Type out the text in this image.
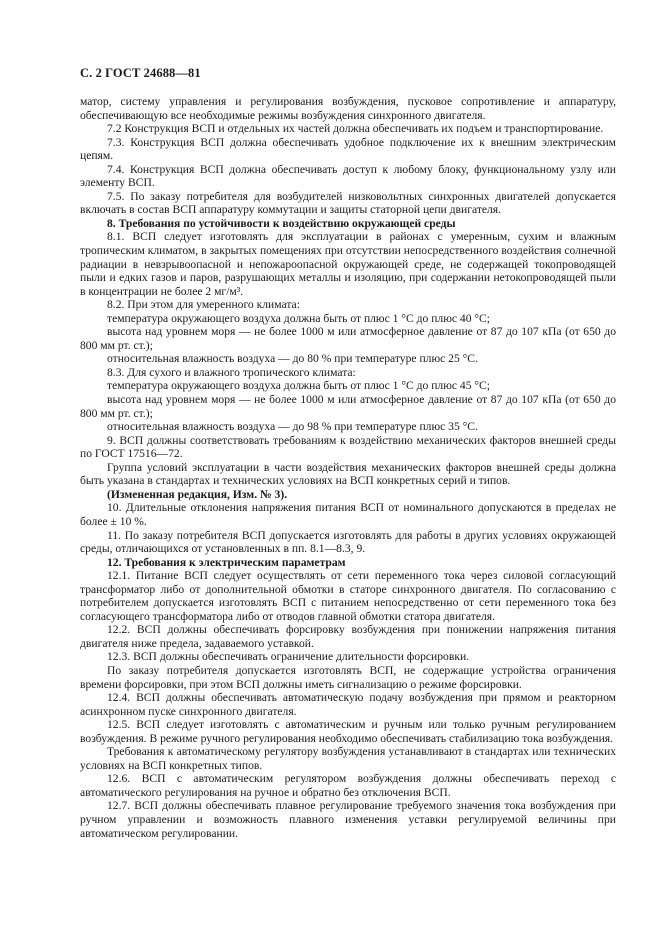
С. 2 ГОСТ 24688—81

матор, систему управления и регулирования возбуждения, пусковое сопротивление и аппаратуру, обеспечивающую все необходимые режимы возбуждения синхронного двигателя.

7.2 Конструкция ВСП и отдельных их частей должна обеспечивать их подъем и транспортирование.

7.3. Конструкция ВСП должна обеспечивать удобное подключение их к внешним электрическим цепям.

7.4. Конструкция ВСП должна обеспечивать доступ к любому блоку, функциональному узлу или элементу ВСП.

7.5. По заказу потребителя для возбудителей низковольтных синхронных двигателей допускается включать в состав ВСП аппаратуру коммутации и защиты статорной цепи двигателя.

8. Требования по устойчивости к воздействию окружающей среды

8.1. ВСП следует изготовлять для эксплуатации в районах с умеренным, сухим и влажным тропическим климатом, в закрытых помещениях при отсутствии непосредственного воздействия солнечной радиации в невзрывоопасной и непожароопасной окружающей среде, не содержащей токопроводящей пыли и едких газов и паров, разрушающих металлы и изоляцию, при содержании нетокопроводящей пыли в концентрации не более 2 мг/м³.

8.2. При этом для умеренного климата:

температура окружающего воздуха должна быть от плюс 1 °С до плюс 40 °С;

высота над уровнем моря — не более 1000 м или атмосферное давление от 87 до 107 кПа (от 650 до 800 мм рт. ст.);

относительная влажность воздуха — до 80 % при температуре плюс 25 °С.

8.3. Для сухого и влажного тропического климата:

температура окружающего воздуха должна быть от плюс 1 °С до плюс 45 °С;

высота над уровнем моря — не более 1000 м или атмосферное давление от 87 до 107 кПа (от 650 до 800 мм рт. ст.);

относительная влажность воздуха — до 98 % при температуре плюс 35 °С.

9. ВСП должны соответствовать требованиям к воздействию механических факторов внешней среды по ГОСТ 17516—72.

Группа условий эксплуатации в части воздействия механических факторов внешней среды должна быть указана в стандартах и технических условиях на ВСП конкретных серий и типов.

(Измененная редакция, Изм. № 3).

10. Длительные отклонения напряжения питания ВСП от номинального допускаются в пределах не более ± 10 %.

11. По заказу потребителя ВСП допускается изготовлять для работы в других условиях окружающей среды, отличающихся от установленных в пп. 8.1—8.3, 9.

12. Требования к электрическим параметрам

12.1. Питание ВСП следует осуществлять от сети переменного тока через силовой согласующий трансформатор либо от дополнительной обмотки в статоре синхронного двигателя. По согласованию с потребителем допускается изготовлять ВСП с питанием непосредственно от сети переменного тока без согласующего трансформатора либо от отводов главной обмотки статора двигателя.

12.2. ВСП должны обеспечивать форсировку возбуждения при понижении напряжения питания двигателя ниже предела, задаваемого уставкой.

12.3. ВСП должны обеспечивать ограничение длительности форсировки.

По заказу потребителя допускается изготовлять ВСП, не содержащие устройства ограничения времени форсировки, при этом ВСП должны иметь сигнализацию о режиме форсировки.

12.4. ВСП должны обеспечивать автоматическую подачу возбуждения при прямом и реакторном асинхронном пуске синхронного двигателя.

12.5. ВСП следует изготовлять с автоматическим и ручным или только ручным регулированием возбуждения. В режиме ручного регулирования необходимо обеспечивать стабилизацию тока возбуждения.

Требования к автоматическому регулятору возбуждения устанавливают в стандартах или технических условиях на ВСП конкретных типов.

12.6. ВСП с автоматическим регулятором возбуждения должны обеспечивать переход с автоматического регулирования на ручное и обратно без отключения ВСП.

12.7. ВСП должны обеспечивать плавное регулирование требуемого значения тока возбуждения при ручном управлении и возможность плавного изменения уставки регулируемой величины при автоматическом регулировании.
